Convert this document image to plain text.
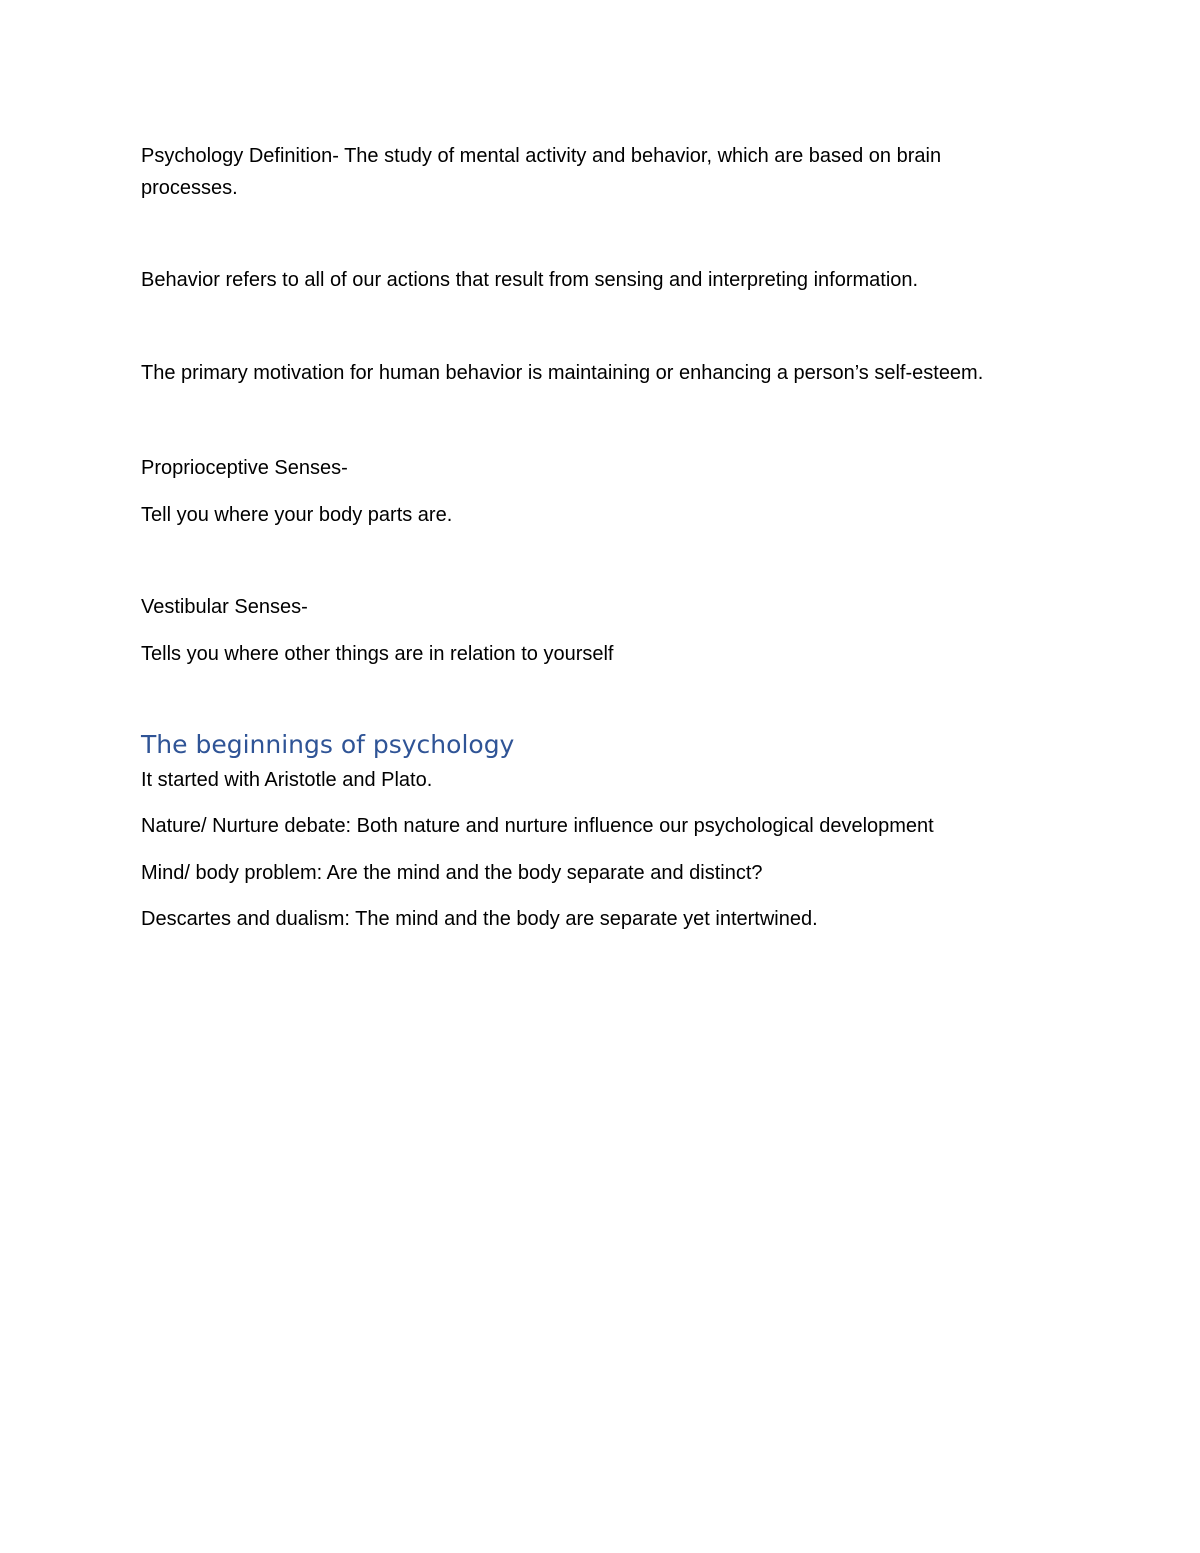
Psychology Definition- The study of mental activity and behavior, which are based on brain

processes.

Behavior refers to all of our actions that result from sensing and interpreting information.

The primary motivation for human behavior is maintaining or enhancing a person’s self-esteem.

Proprioceptive Senses-

Tell you where your body parts are.

Vestibular Senses-

Tells you where other things are in relation to yourself

The beginnings of psychology

It started with Aristotle and Plato.

Nature/ Nurture debate: Both nature and nurture influence our psychological development

Mind/ body problem: Are the mind and the body separate and distinct?

Descartes and dualism: The mind and the body are separate yet intertwined.
